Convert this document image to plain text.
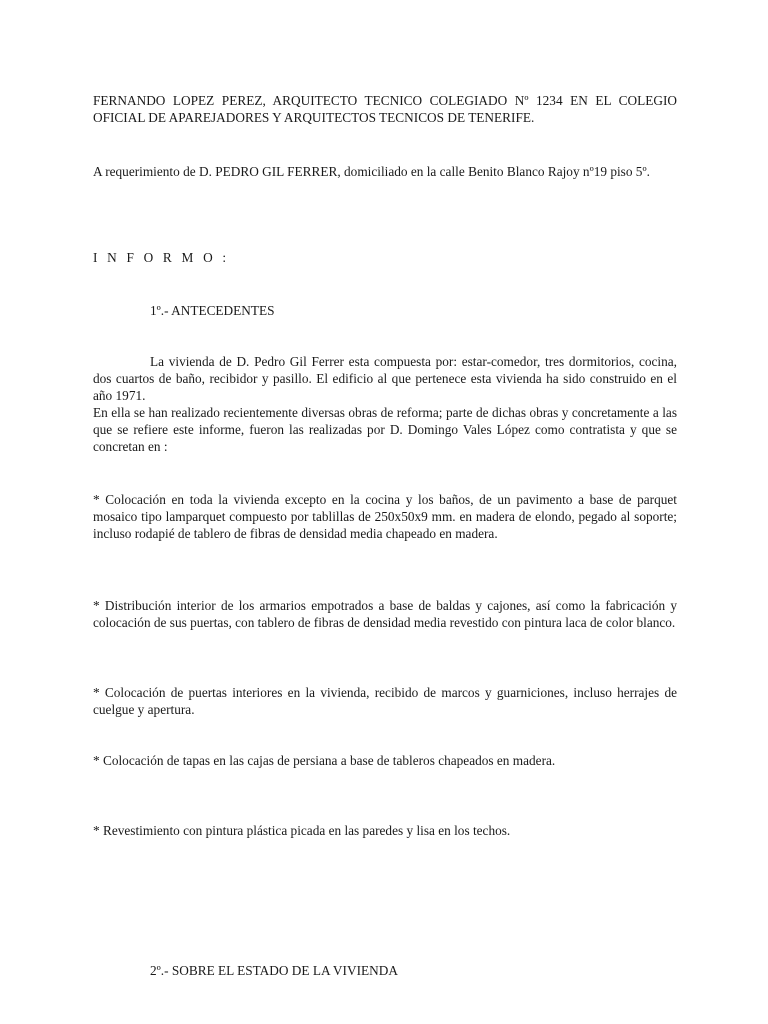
FERNANDO LOPEZ PEREZ, ARQUITECTO TECNICO COLEGIADO Nº 1234 EN EL COLEGIO OFICIAL DE APAREJADORES Y ARQUITECTOS TECNICOS DE TENERIFE.

A requerimiento de D. PEDRO GIL FERRER, domiciliado en la calle Benito Blanco Rajoy nº19 piso 5º.

I N F O R M O :

1º.- ANTECEDENTES

La vivienda de D. Pedro Gil Ferrer esta compuesta por: estar-comedor, tres dormitorios, cocina, dos cuartos de baño, recibidor y pasillo. El edificio al que pertenece esta vivienda ha sido construido en el año 1971.

En ella se han realizado recientemente diversas obras de reforma; parte de dichas obras y concretamente a las que se refiere este informe, fueron las realizadas por D. Domingo Vales López como contratista y que se concretan en :

* Colocación en toda la vivienda excepto en la cocina y los baños, de un pavimento a base de parquet mosaico tipo lamparquet compuesto por tablillas de 250x50x9 mm. en madera de elondo, pegado al soporte; incluso rodapié de tablero de fibras de densidad media chapeado en madera.

* Distribución interior de los armarios empotrados a base de baldas y cajones, así como la fabricación y colocación de sus puertas, con tablero de fibras de densidad media revestido con pintura laca de color blanco.

* Colocación de puertas interiores en la vivienda, recibido de marcos y guarniciones, incluso herrajes de cuelgue y apertura.

* Colocación de tapas en las cajas de persiana a base de tableros chapeados en madera.

* Revestimiento con pintura plástica picada en las paredes y lisa en los techos.

2º.- SOBRE EL ESTADO DE LA VIVIENDA
